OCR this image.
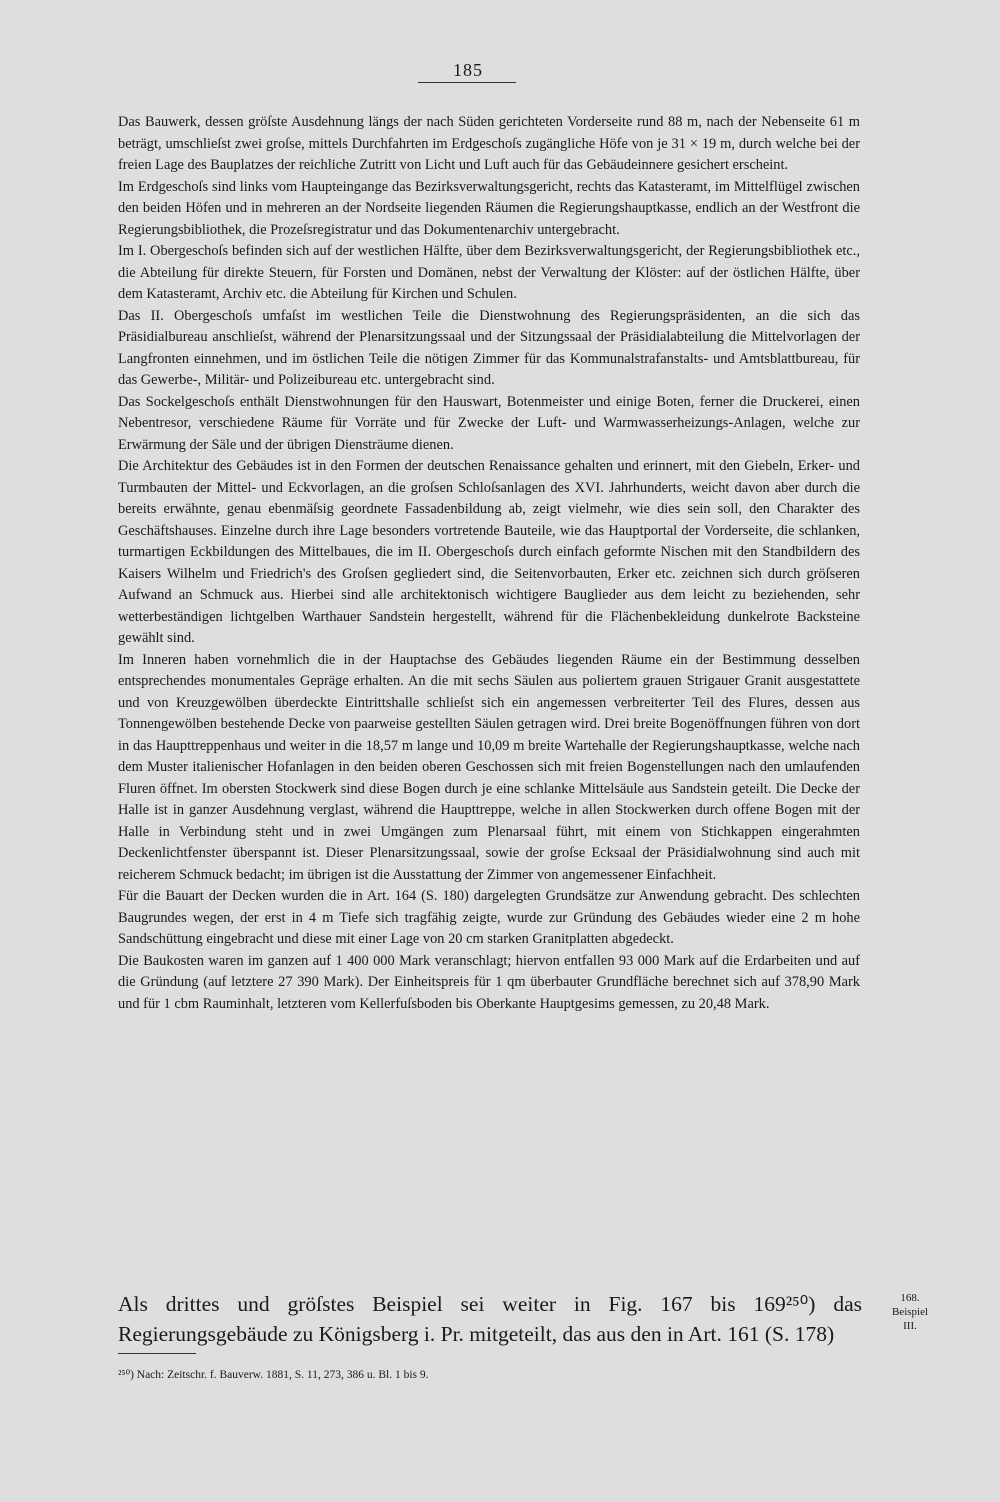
185

Das Bauwerk, dessen gröſste Ausdehnung längs der nach Süden gerichteten Vorderseite rund 88 m, nach der Nebenseite 61 m beträgt, umschlieſst zwei groſse, mittels Durchfahrten im Erdgeschoſs zugängliche Höfe von je 31 × 19 m, durch welche bei der freien Lage des Bauplatzes der reichliche Zutritt von Licht und Luft auch für das Gebäudeinnere gesichert erscheint.

Im Erdgeschoſs sind links vom Haupteingange das Bezirksverwaltungsgericht, rechts das Katasteramt, im Mittelflügel zwischen den beiden Höfen und in mehreren an der Nordseite liegenden Räumen die Regierungshauptkasse, endlich an der Westfront die Regierungsbibliothek, die Prozeſsregistratur und das Dokumentenarchiv untergebracht.

Im I. Obergeschoſs befinden sich auf der westlichen Hälfte, über dem Bezirksverwaltungsgericht, der Regierungsbibliothek etc., die Abteilung für direkte Steuern, für Forsten und Domänen, nebst der Verwaltung der Klöster: auf der östlichen Hälfte, über dem Katasteramt, Archiv etc. die Abteilung für Kirchen und Schulen.

Das II. Obergeschoſs umfaſst im westlichen Teile die Dienstwohnung des Regierungspräsidenten, an die sich das Präsidialbureau anschlieſst, während der Plenarsitzungssaal und der Sitzungssaal der Präsidialabteilung die Mittelvorlagen der Langfronten einnehmen, und im östlichen Teile die nötigen Zimmer für das Kommunalstrafanstalts- und Amtsblattbureau, für das Gewerbe-, Militär- und Polizeibureau etc. untergebracht sind.

Das Sockelgeschoſs enthält Dienstwohnungen für den Hauswart, Botenmeister und einige Boten, ferner die Druckerei, einen Nebentresor, verschiedene Räume für Vorräte und für Zwecke der Luft- und Warmwasserheizungs-Anlagen, welche zur Erwärmung der Säle und der übrigen Diensträume dienen.

Die Architektur des Gebäudes ist in den Formen der deutschen Renaissance gehalten und erinnert, mit den Giebeln, Erker- und Turmbauten der Mittel- und Eckvorlagen, an die groſsen Schloſsanlagen des XVI. Jahrhunderts, weicht davon aber durch die bereits erwähnte, genau ebenmäſsig geordnete Fassadenbildung ab, zeigt vielmehr, wie dies sein soll, den Charakter des Geschäftshauses. Einzelne durch ihre Lage besonders vortretende Bauteile, wie das Hauptportal der Vorderseite, die schlanken, turmartigen Eckbildungen des Mittelbaues, die im II. Obergeschoſs durch einfach geformte Nischen mit den Standbildern des Kaisers Wilhelm und Friedrich's des Groſsen gegliedert sind, die Seitenvorbauten, Erker etc. zeichnen sich durch gröſseren Aufwand an Schmuck aus. Hierbei sind alle architektonisch wichtigere Bauglieder aus dem leicht zu beziehenden, sehr wetterbeständigen lichtgelben Warthauer Sandstein hergestellt, während für die Flächenbekleidung dunkelrote Backsteine gewählt sind.

Im Inneren haben vornehmlich die in der Hauptachse des Gebäudes liegenden Räume ein der Bestimmung desselben entsprechendes monumentales Gepräge erhalten. An die mit sechs Säulen aus poliertem grauen Strigauer Granit ausgestattete und von Kreuzgewölben überdeckte Eintrittshalle schlieſst sich ein angemessen verbreiterter Teil des Flures, dessen aus Tonnengewölben bestehende Decke von paarweise gestellten Säulen getragen wird. Drei breite Bogenöffnungen führen von dort in das Haupttreppenhaus und weiter in die 18,57 m lange und 10,09 m breite Wartehalle der Regierungshauptkasse, welche nach dem Muster italienischer Hofanlagen in den beiden oberen Geschossen sich mit freien Bogenstellungen nach den umlaufenden Fluren öffnet. Im obersten Stockwerk sind diese Bogen durch je eine schlanke Mittelsäule aus Sandstein geteilt. Die Decke der Halle ist in ganzer Ausdehnung verglast, während die Haupttreppe, welche in allen Stockwerken durch offene Bogen mit der Halle in Verbindung steht und in zwei Umgängen zum Plenarsaal führt, mit einem von Stichkappen eingerahmten Deckenlichtfenster überspannt ist. Dieser Plenarsitzungssaal, sowie der groſse Ecksaal der Präsidialwohnung sind auch mit reicherem Schmuck bedacht; im übrigen ist die Ausstattung der Zimmer von angemessener Einfachheit.

Für die Bauart der Decken wurden die in Art. 164 (S. 180) dargelegten Grundsätze zur Anwendung gebracht. Des schlechten Baugrundes wegen, der erst in 4 m Tiefe sich tragfähig zeigte, wurde zur Gründung des Gebäudes wieder eine 2 m hohe Sandschüttung eingebracht und diese mit einer Lage von 20 cm starken Granitplatten abgedeckt.

Die Baukosten waren im ganzen auf 1 400 000 Mark veranschlagt; hiervon entfallen 93 000 Mark auf die Erdarbeiten und auf die Gründung (auf letztere 27 390 Mark). Der Einheitspreis für 1 qm überbauter Grundfläche berechnet sich auf 378,90 Mark und für 1 cbm Rauminhalt, letzteren vom Kellerfuſsboden bis Oberkante Hauptgesims gemessen, zu 20,48 Mark.

Als drittes und gröſstes Beispiel sei weiter in Fig. 167 bis 169²⁵⁰) das Regierungsgebäude zu Königsberg i. Pr. mitgeteilt, das aus den in Art. 161 (S. 178)
168.
Beispiel
III.
²⁵⁰) Nach: Zeitschr. f. Bauverw. 1881, S. 11, 273, 386 u. Bl. 1 bis 9.
